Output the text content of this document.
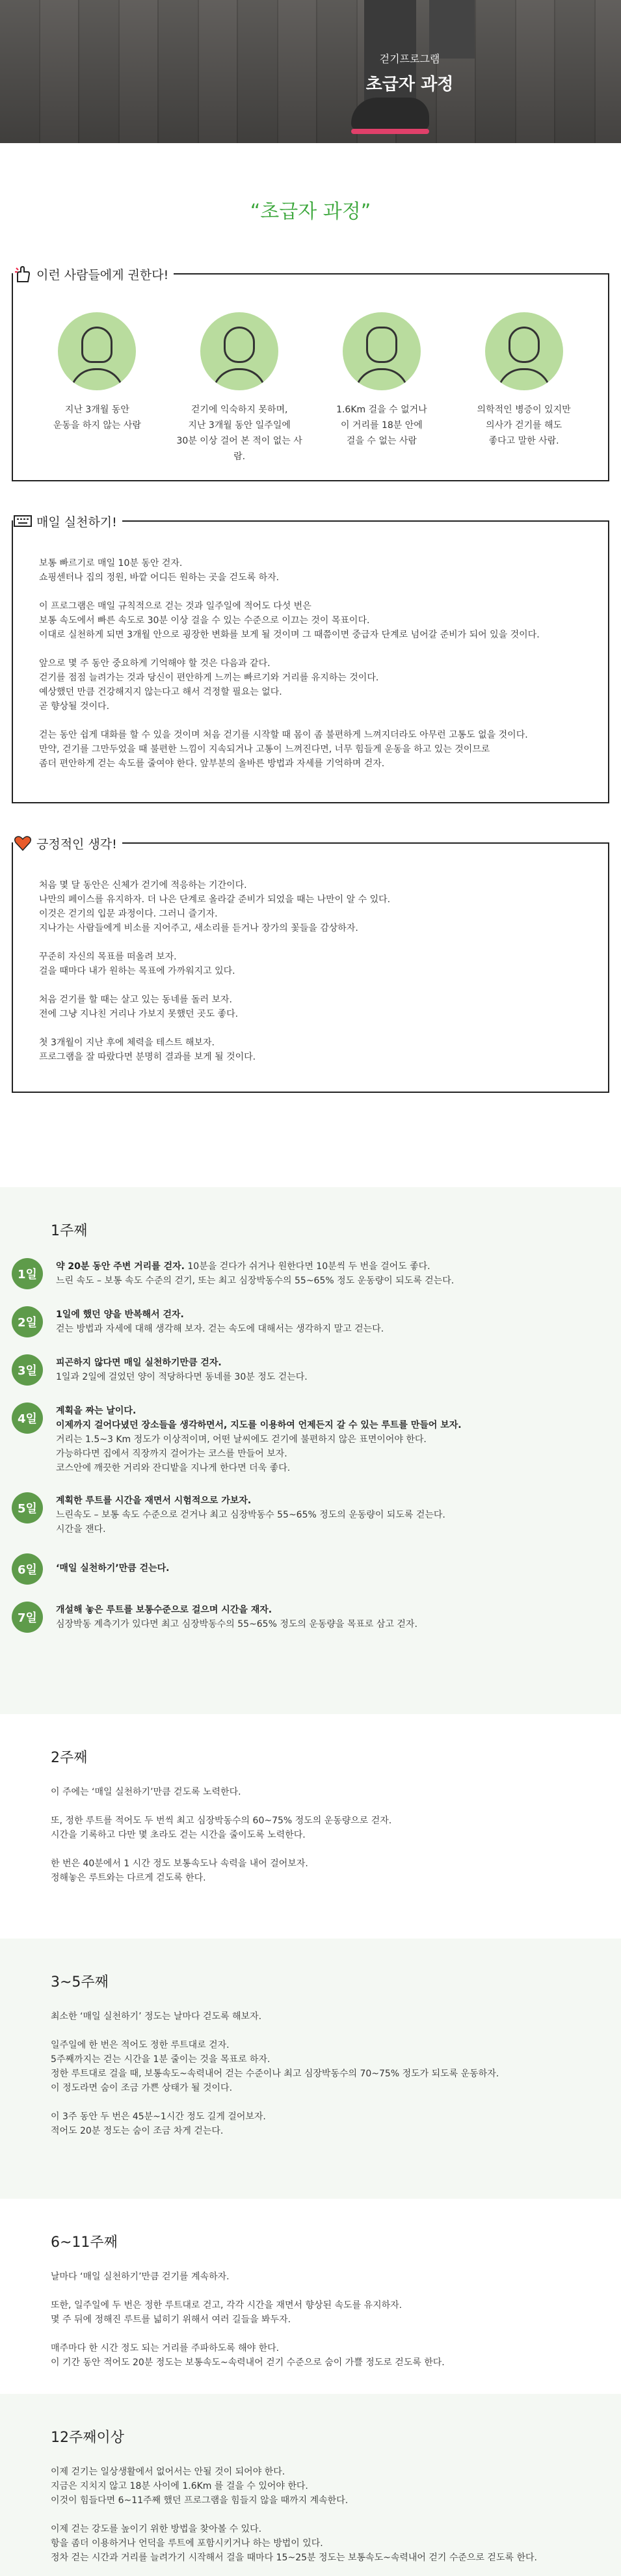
걷기프로그램
초급자 과정
“초급자 과정”
이런 사람들에게 권한다!

지난 3개월 동안
운동을 하지 않는 사람

걷기에 익숙하지 못하며,
지난 3개월 동안 일주일에
30분 이상 걸어 본 적이 없는 사람.

1.6Km 걸을 수 없거나
이 거리를 18분 안에
걸을 수 없는 사람

의학적인 병증이 있지만
의사가 걷기를 해도
좋다고 말한 사람.

매일 실천하기!

보통 빠르기로 매일 10분 동안 걷자.
쇼핑센터나 집의 정원, 바깥 어디든 원하는 곳을 걷도록 하자.

이 프로그램은 매일 규칙적으로 걷는 것과 일주일에 적어도 다섯 번은
보통 속도에서 빠른 속도로 30분 이상 걸을 수 있는 수준으로 이끄는 것이 목표이다.
이대로 실천하게 되면 3개월 안으로 굉장한 변화를 보게 될 것이며 그 때쯤이면 중급자 단계로 넘어갈 준비가 되어 있을 것이다.

앞으로 몇 주 동안 중요하게 기억해야 할 것은 다음과 같다.
걷기를 점점 늘려가는 것과 당신이 편안하게 느끼는 빠르기와 거리를 유지하는 것이다.
예상했던 만큼 건강해지지 않는다고 해서 걱정할 필요는 없다.
곧 향상될 것이다.

걷는 동안 쉽게 대화를 할 수 있을 것이며 처음 걷기를 시작할 때 몸이 좀 불편하게 느껴지더라도 아무런 고통도 없을 것이다.
만약, 걷기를 그만두었을 때 불편한 느낌이 지속되거나 고통이 느껴진다면, 너무 힘들게 운동을 하고 있는 것이므로
좀더 편안하게 걷는 속도를 줄여야 한다. 앞부분의 올바른 방법과 자세를 기억하며 걷자.

긍정적인 생각!

처음 몇 달 동안은 신체가 걷기에 적응하는 기간이다.
나만의 페이스를 유지하자. 더 나은 단계로 올라갈 준비가 되었을 때는 나만이 알 수 있다.
이것은 걷기의 입문 과정이다. 그러니 즐기자.
지나가는 사람들에게 비소를 지어주고, 새소리를 듣거나 장가의 꽃들을 감상하자.

꾸준히 자신의 목표를 떠올려 보자.
걸을 때마다 내가 원하는 목표에 가까워지고 있다.

처음 걷기를 할 때는 살고 있는 동네를 돌러 보자.
전에 그냥 지나친 거리나 가보지 못했던 곳도 좋다.

첫 3개월이 지난 후에 체력을 테스트 해보자.
프로그램을 잘 따랐다면 분명히 결과를 보게 될 것이다.

1주째
1일
약 20분 동안 주변 거리를 걷자. 10분을 걷다가 쉬거나 원한다면 10분씩 두 번을 걸어도 좋다.
느린 속도 – 보통 속도 수준의 걷기, 또는 최고 심장박동수의 55~65% 정도 운동량이 되도록 걷는다.
2일
1일에 했던 양을 반복해서 걷자.
걷는 방법과 자세에 대해 생각해 보자. 걷는 속도에 대해서는 생각하지 말고 걷는다.
3일
피곤하지 않다면 매일 실천하기만큼 걷자.
1일과 2일에 걸었던 양이 적당하다면 동네를 30분 정도 걷는다.
4일
계획을 짜는 날이다.
이제까지 걸어다녔던 장소들을 생각하면서, 지도를 이용하여 언제든지 갈 수 있는 루트를 만들어 보자.
거리는 1.5~3 Km 정도가 이상적이며, 어떤 날씨에도 걷기에 불편하지 않은 표면이어야 한다.
가능하다면 집에서 직장까지 걸어가는 코스를 만들어 보자.
코스안에 깨끗한 거리와 잔디밭을 지나게 한다면 더욱 좋다.
5일
계획한 루트를 시간을 재면서 시험적으로 가보자.
느린속도 – 보통 속도 수준으로 걷거나 최고 심장박동수 55~65% 정도의 운동량이 되도록 걷는다.
시간을 잰다.
6일	‘매일 실천하기’만큼 걷는다.
7일
개설해 놓은 루트를 보통수준으로 걸으며 시간을 재자.
심장박동 계측기가 있다면 최고 심장박동수의 55~65% 정도의 운동량을 목표로 삼고 걷자.
2주째

이 주에는 ‘매일 실천하기’만큼 걷도록 노력한다.

또, 정한 루트를 적어도 두 번씩 최고 심장박동수의 60~75% 정도의 운동량으로 걷자.
시간을 기록하고 다만 몇 초라도 걷는 시간을 줄이도록 노력한다.

한 번은 40분에서 1 시간 정도 보통속도나 속력을 내어 걸어보자.
정해놓은 루트와는 다르게 걷도록 한다.

3~5주째

최소한 ‘매일 실천하기’ 정도는 날마다 걷도록 해보자.

일주일에 한 번은 적어도 정한 루트대로 걷자.
5주째까지는 걷는 시간을 1분 줄이는 것을 목표로 하자.
정한 루트대로 걸을 때, 보통속도~속력내어 걷는 수준이나 최고 심장박동수의 70~75% 정도가 되도록 운동하자.
이 정도라면 숨이 조금 가쁜 상태가 될 것이다.

이 3주 동안 두 번은 45분~1시간 정도 길게 걸어보자.
적어도 20분 정도는 숨이 조금 차게 걷는다.

6~11주째

날마다 ‘매일 실천하기’만큼 걷기를 계속하자.

또한, 일주일에 두 번은 정한 루트대로 걷고, 각각 시간을 재면서 향상된 속도를 유지하자.
몇 주 뒤에 정해진 루트를 넓히기 위해서 여러 길들을 봐두자.

매주마다 한 시간 정도 되는 거리를 주파하도록 해야 한다.
이 기간 동안 적어도 20분 정도는 보통속도~속력내어 걷기 수준으로 숨이 가쁠 정도로 걷도록 한다.

12주째이상

이제 걷기는 일상생활에서 없어서는 안될 것이 되어야 한다.
지금은 지치지 않고 18분 사이에 1.6Km 를 걸을 수 있어야 한다.
이것이 힘들다면 6~11주째 했던 프로그램을 힘들지 않을 때까지 계속한다.

이제 걷는 강도를 높이기 위한 방법을 찾아볼 수 있다.
항을 좀더 이용하거나 언덕을 루트에 포함시키거나 하는 방법이 있다.
정차 걷는 시간과 거리를 늘려가기 시작해서 걸을 때마다 15~25분 정도는 보통속도~속력내어 걷기 수준으로 걷도록 한다.
